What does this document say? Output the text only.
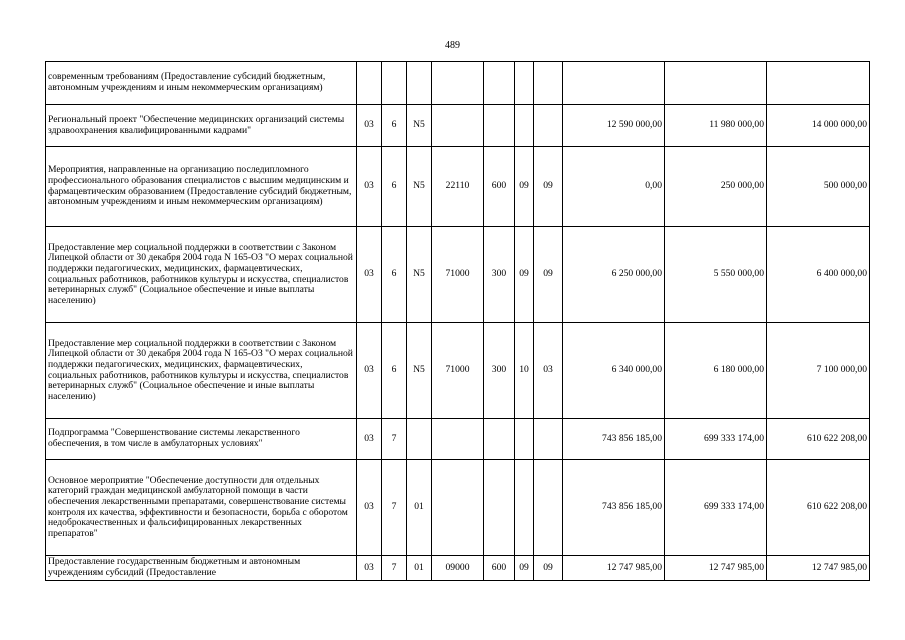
489
современным требованиям (Предоставление субсидий бюджетным, автономным учреждениям и иным некоммерческим организациям)										
Региональный проект "Обеспечение медицинских организаций системы здравоохранения квалифицированными кадрами"	03	6	N5					12 590 000,00	11 980 000,00	14 000 000,00
Мероприятия, направленные на организацию последипломного профессионального образования специалистов с высшим медицинским и фармацевтическим образованием (Предоставление субсидий бюджетным, автономным учреждениям и иным некоммерческим организациям)	03	6	N5	22110	600	09	09	0,00	250 000,00	500 000,00
Предоставление мер социальной поддержки в соответствии с Законом Липецкой области от 30 декабря 2004 года N 165-ОЗ "О мерах социальной поддержки педагогических, медицинских, фармацевтических, социальных работников, работников культуры и искусства, специалистов ветеринарных служб" (Социальное обеспечение и иные выплаты населению)	03	6	N5	71000	300	09	09	6 250 000,00	5 550 000,00	6 400 000,00
Предоставление мер социальной поддержки в соответствии с Законом Липецкой области от 30 декабря 2004 года N 165-ОЗ "О мерах социальной поддержки педагогических, медицинских, фармацевтических, социальных работников, работников культуры и искусства, специалистов ветеринарных служб" (Социальное обеспечение и иные выплаты населению)	03	6	N5	71000	300	10	03	6 340 000,00	6 180 000,00	7 100 000,00
Подпрограмма "Совершенствование системы лекарственного обеспечения, в том числе в амбулаторных условиях"	03	7						743 856 185,00	699 333 174,00	610 622 208,00
Основное мероприятие "Обеспечение доступности для отдельных категорий граждан медицинской амбулаторной помощи в части обеспечения лекарственными препаратами, совершенствование системы контроля их качества, эффективности и безопасности, борьба с оборотом недоброкачественных и фальсифицированных лекарственных препаратов"	03	7	01					743 856 185,00	699 333 174,00	610 622 208,00
Предоставление государственным бюджетным и автономным учреждениям субсидий (Предоставление	03	7	01	09000	600	09	09	12 747 985,00	12 747 985,00	12 747 985,00
